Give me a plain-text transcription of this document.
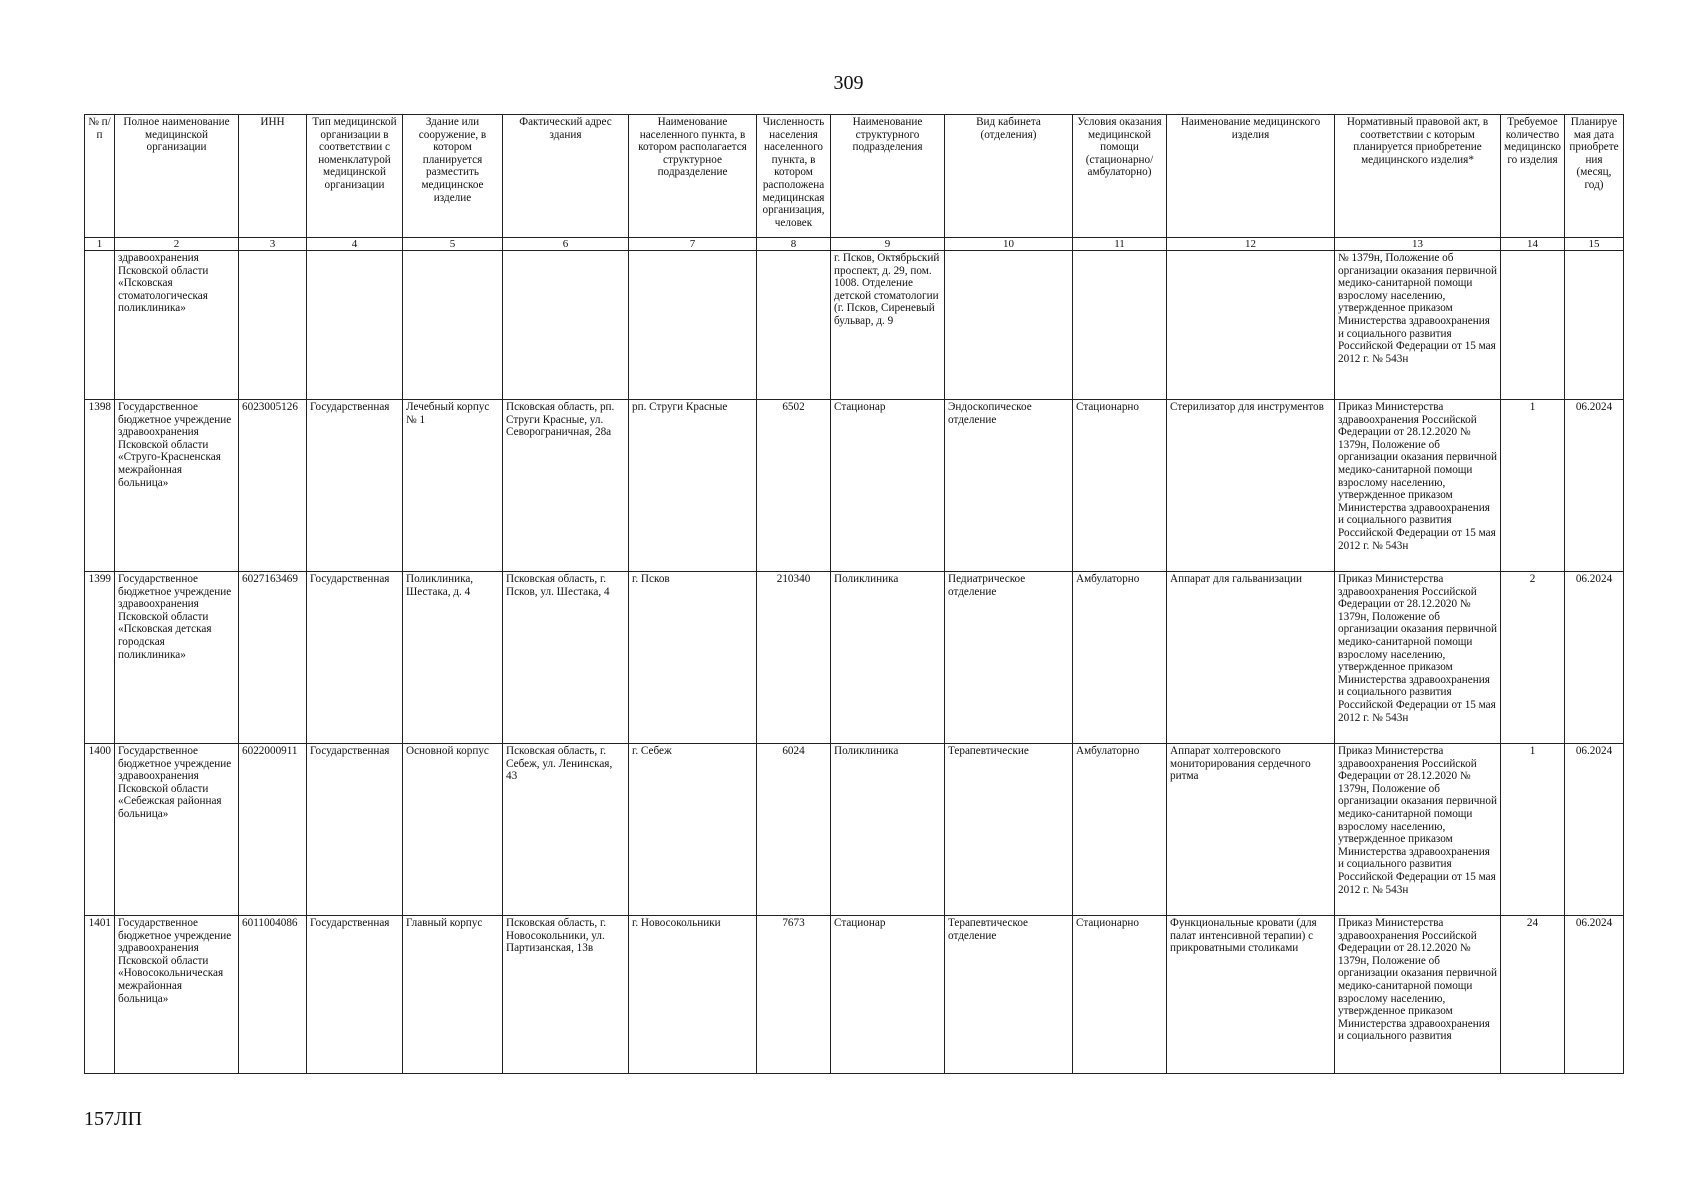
309
№ п/п	Полное наименование медицинской организации	ИНН	Тип медицинской организации в соответствии с номенклатурой медицинской организации	Здание или сооружение, в котором планируется разместить медицинское изделие	Фактический адрес здания	Наименование населенного пункта, в котором располагается структурное подразделение	Численность населения населенного пункта, в котором расположена медицинская организация, человек	Наименование структурного подразделения	Вид кабинета (отделения)	Условия оказания медицинской помощи (стационарно/ амбулаторно)	Наименование медицинского изделия	Нормативный правовой акт, в соответствии с которым планируется приобретение медицинского изделия*	Требуемое количество медицинского изделия	Планируемая дата приобретения (месяц, год)
1	2	3	4	5	6	7	8	9	10	11	12	13	14	15
	здравоохранения Псковской области «Псковская стоматологическая поликлиника»							г. Псков, Октябрьский проспект, д. 29, пом. 1008. Отделение детской стоматологии (г. Псков, Сиреневый бульвар, д. 9				№ 1379н, Положение об организации оказания первичной медико-санитарной помощи взрослому населению, утвержденное приказом Министерства здравоохранения и социального развития Российской Федерации от 15 мая 2012 г. № 543н		
1398	Государственное бюджетное учреждение здравоохранения Псковской области «Струго-Красненская межрайонная больница»	6023005126	Государственная	Лечебный корпус № 1	Псковская область, рп. Струги Красные, ул. Севорограничная, 28а	рп. Струги Красные	6502	Стационар	Эндоскопическое отделение	Стационарно	Стерилизатор для инструментов	Приказ Министерства здравоохранения Российской Федерации от 28.12.2020 № 1379н, Положение об организации оказания первичной медико-санитарной помощи взрослому населению, утвержденное приказом Министерства здравоохранения и социального развития Российской Федерации от 15 мая 2012 г. № 543н	1	06.2024
1399	Государственное бюджетное учреждение здравоохранения Псковской области «Псковская детская городская поликлиника»	6027163469	Государственная	Поликлиника, Шестака, д. 4	Псковская область, г. Псков, ул. Шестака, 4	г. Псков	210340	Поликлиника	Педиатрическое отделение	Амбулаторно	Аппарат для гальванизации	Приказ Министерства здравоохранения Российской Федерации от 28.12.2020 № 1379н, Положение об организации оказания первичной медико-санитарной помощи взрослому населению, утвержденное приказом Министерства здравоохранения и социального развития Российской Федерации от 15 мая 2012 г. № 543н	2	06.2024
1400	Государственное бюджетное учреждение здравоохранения Псковской области «Себежская районная больница»	6022000911	Государственная	Основной корпус	Псковская область, г. Себеж, ул. Ленинская, 43	г. Себеж	6024	Поликлиника	Терапевтические	Амбулаторно	Аппарат холтеровского мониторирования сердечного ритма	Приказ Министерства здравоохранения Российской Федерации от 28.12.2020 № 1379н, Положение об организации оказания первичной медико-санитарной помощи взрослому населению, утвержденное приказом Министерства здравоохранения и социального развития Российской Федерации от 15 мая 2012 г. № 543н	1	06.2024
1401	Государственное бюджетное учреждение здравоохранения Псковской области «Новосокольническая межрайонная больница»	6011004086	Государственная	Главный корпус	Псковская область, г. Новосокольники, ул. Партизанская, 13в	г. Новосокольники	7673	Стационар	Терапевтическое отделение	Стационарно	Функциональные кровати (для палат интенсивной терапии) с прикроватными столиками	Приказ Министерства здравоохранения Российской Федерации от 28.12.2020 № 1379н, Положение об организации оказания первичной медико-санитарной помощи взрослому населению, утвержденное приказом Министерства здравоохранения и социального развития	24	06.2024
157ЛП
